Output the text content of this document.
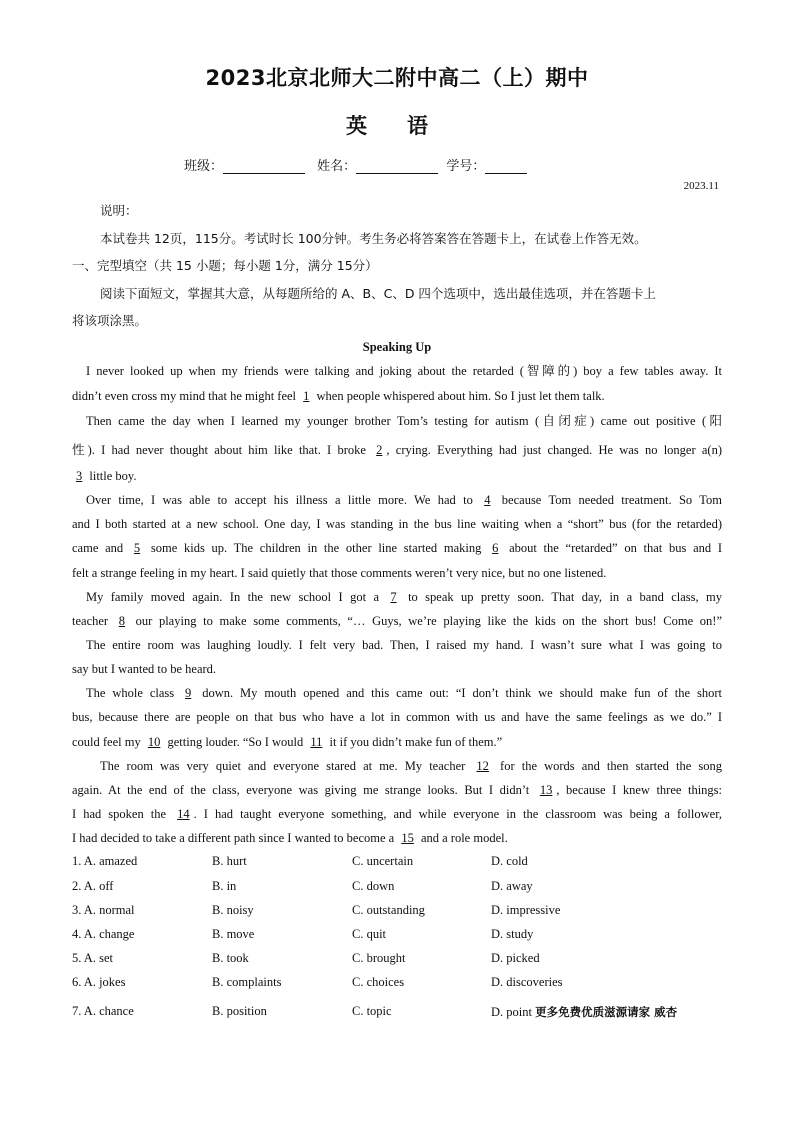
2023北京北师大二附中高二（上）期中
英语
班级：	姓名：	学号：
2023.11
说明：
本试卷共 12页，115分。考试时长 100分钟。考生务必将答案答在答题卡上，在试卷上作答无效。
一、完型填空（共 15 小题；每小题 1分，满分 15分）
阅读下面短文，掌握其大意，从每题所给的 A、B、C、D 四个选项中，选出最佳选项，并在答题卡上
将该项涂黑。
Speaking Up
I never looked up when my friends were talking and joking about the retarded (智障的) boy a few tables away. It
didn’t even cross my mind that he might feel 1 when people whispered about him. So I just let them talk.
Then came the day when I learned my younger brother Tom’s testing for autism (自闭症) came out positive (阳
性). I had never thought about him like that. I broke 2 , crying. Everything had just changed. He was no longer a(n)
3 little boy.
Over time, I was able to accept his illness a little more. We had to 4 because Tom needed treatment. So Tom
and I both started at a new school. One day, I was standing in the bus line waiting when a “short” bus (for the retarded)
came and 5 some kids up. The children in the other line started making 6 about the “retarded” on that bus and I
felt a strange feeling in my heart. I said quietly that those comments weren’t very nice, but no one listened.
My family moved again. In the new school I got a 7 to speak up pretty soon. That day, in a band class, my
teacher 8 our playing to make some comments, “… Guys, we’re playing like the kids on the short bus! Come on!”
The entire room was laughing loudly. I felt very bad. Then, I raised my hand. I wasn’t sure what I was going to
say but I wanted to be heard.
The whole class 9 down. My mouth opened and this came out: “I don’t think we should make fun of the short
bus, because there are people on that bus who have a lot in common with us and have the same feelings as we do.” I
could feel my 10 getting louder. “So I would 11 it if you didn’t make fun of them.”
The room was very quiet and everyone stared at me. My teacher 12 for the words and then started the song
again. At the end of the class, everyone was giving me strange looks. But I didn’t 13 , because I knew three things:
I had spoken the 14 . I had taught everyone something, and while everyone in the classroom was being a follower,
I had decided to take a different path since I wanted to become a 15 and a role model.
1. A. amazed	B. hurt	C. uncertain	D. cold
2. A. off	B. in	C. down	D. away
3. A. normal	B. noisy	C. outstanding	D. impressive
4. A. change	B. move	C. quit	D. study
5. A. set	B. took	C. brought	D. picked
6. A. jokes	B. complaints	C. choices	D. discoveries
7. A. chance	B. position	C. topic	D. point 更多免费优质滋源请家 威杏
